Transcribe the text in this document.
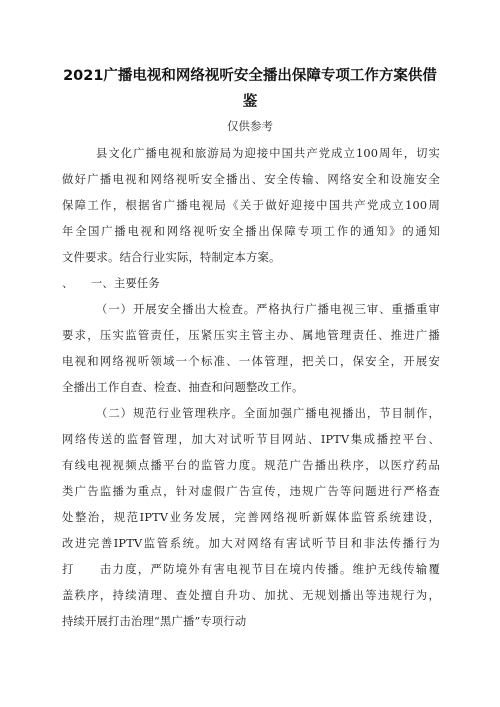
2021广播电视和网络视听安全播出保障专项工作方案供借
鉴
仅供参考
县文化广播电视和旅游局为迎接中国共产党成立100周年，切实
做好广播电视和网络视听安全播出、安全传输、网络安全和设施安全
保障工作，根据省广播电视局《关于做好迎接中国共产党成立100周
年全国广播电视和网络视听安全播出保障专项工作的通知》的通知
文件要求。结合行业实际，特制定本方案。
、　　一、主要任务
（一）开展安全播出大检查。严格执行广播电视三审、重播重审
要求，压实监管责任，压紧压实主管主办、属地管理责任、推进广播
电视和网络视听领域一个标准、一体管理，把关口，保安全，开展安
全播出工作自查、检查、抽查和问题整改工作。
（二）规范行业管理秩序。全面加强广播电视播出，节目制作，
网络传送的监督管理，加大对试听节目网站、IPTV集成播控平台、
有线电视视频点播平台的监管力度。规范广告播出秩序，以医疗药品
类广告监播为重点，针对虚假广告宣传，违规广告等问题进行严格查
处整治，规范IPTV业务发展，完善网络视听新媒体监管系统建设，
改进完善IPTV监管系统。加大对网络有害试听节目和非法传播行为
打　　击力度，严防境外有害电视节目在境内传播。维护无线传输覆
盖秩序，持续清理、查处擅自升功、加扰、无规划播出等违规行为，
持续开展打击治理“黑广播”专项行动
